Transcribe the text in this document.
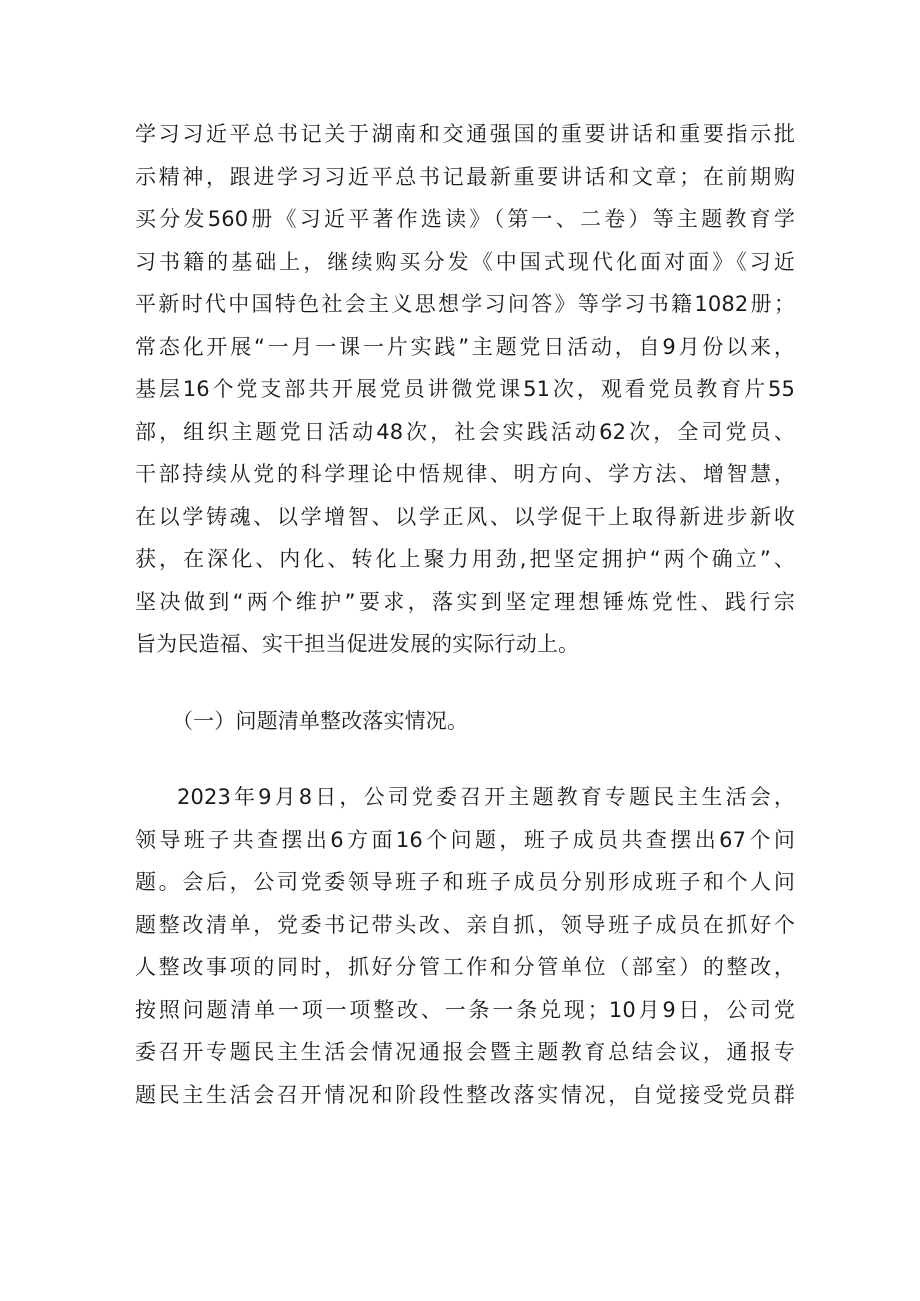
学习习近平总书记关于湖南和交通强国的重要讲话和重要指示批
示精神，跟进学习习近平总书记最新重要讲话和文章；在前期购
买分发560册《习近平著作选读》（第一、二卷）等主题教育学
习书籍的基础上，继续购买分发《中国式现代化面对面》《习近
平新时代中国特色社会主义思想学习问答》等学习书籍1082册；
常态化开展“一月一课一片实践”主题党日活动，自9月份以来，
基层16个党支部共开展党员讲微党课51次，观看党员教育片55
部，组织主题党日活动48次，社会实践活动62次，全司党员、
干部持续从党的科学理论中悟规律、明方向、学方法、增智慧，
在以学铸魂、以学增智、以学正风、以学促干上取得新进步新收
获，在深化、内化、转化上聚力用劲,把坚定拥护“两个确立”、
坚决做到“两个维护”要求，落实到坚定理想锤炼党性、践行宗
旨为民造福、实干担当促进发展的实际行动上。
（一）问题清单整改落实情况。
2023年9月8日，公司党委召开主题教育专题民主生活会，
领导班子共查摆出6方面16个问题，班子成员共查摆出67个问
题。会后，公司党委领导班子和班子成员分别形成班子和个人问
题整改清单，党委书记带头改、亲自抓，领导班子成员在抓好个
人整改事项的同时，抓好分管工作和分管单位（部室）的整改，
按照问题清单一项一项整改、一条一条兑现；10月9日，公司党
委召开专题民主生活会情况通报会暨主题教育总结会议，通报专
题民主生活会召开情况和阶段性整改落实情况，自觉接受党员群
